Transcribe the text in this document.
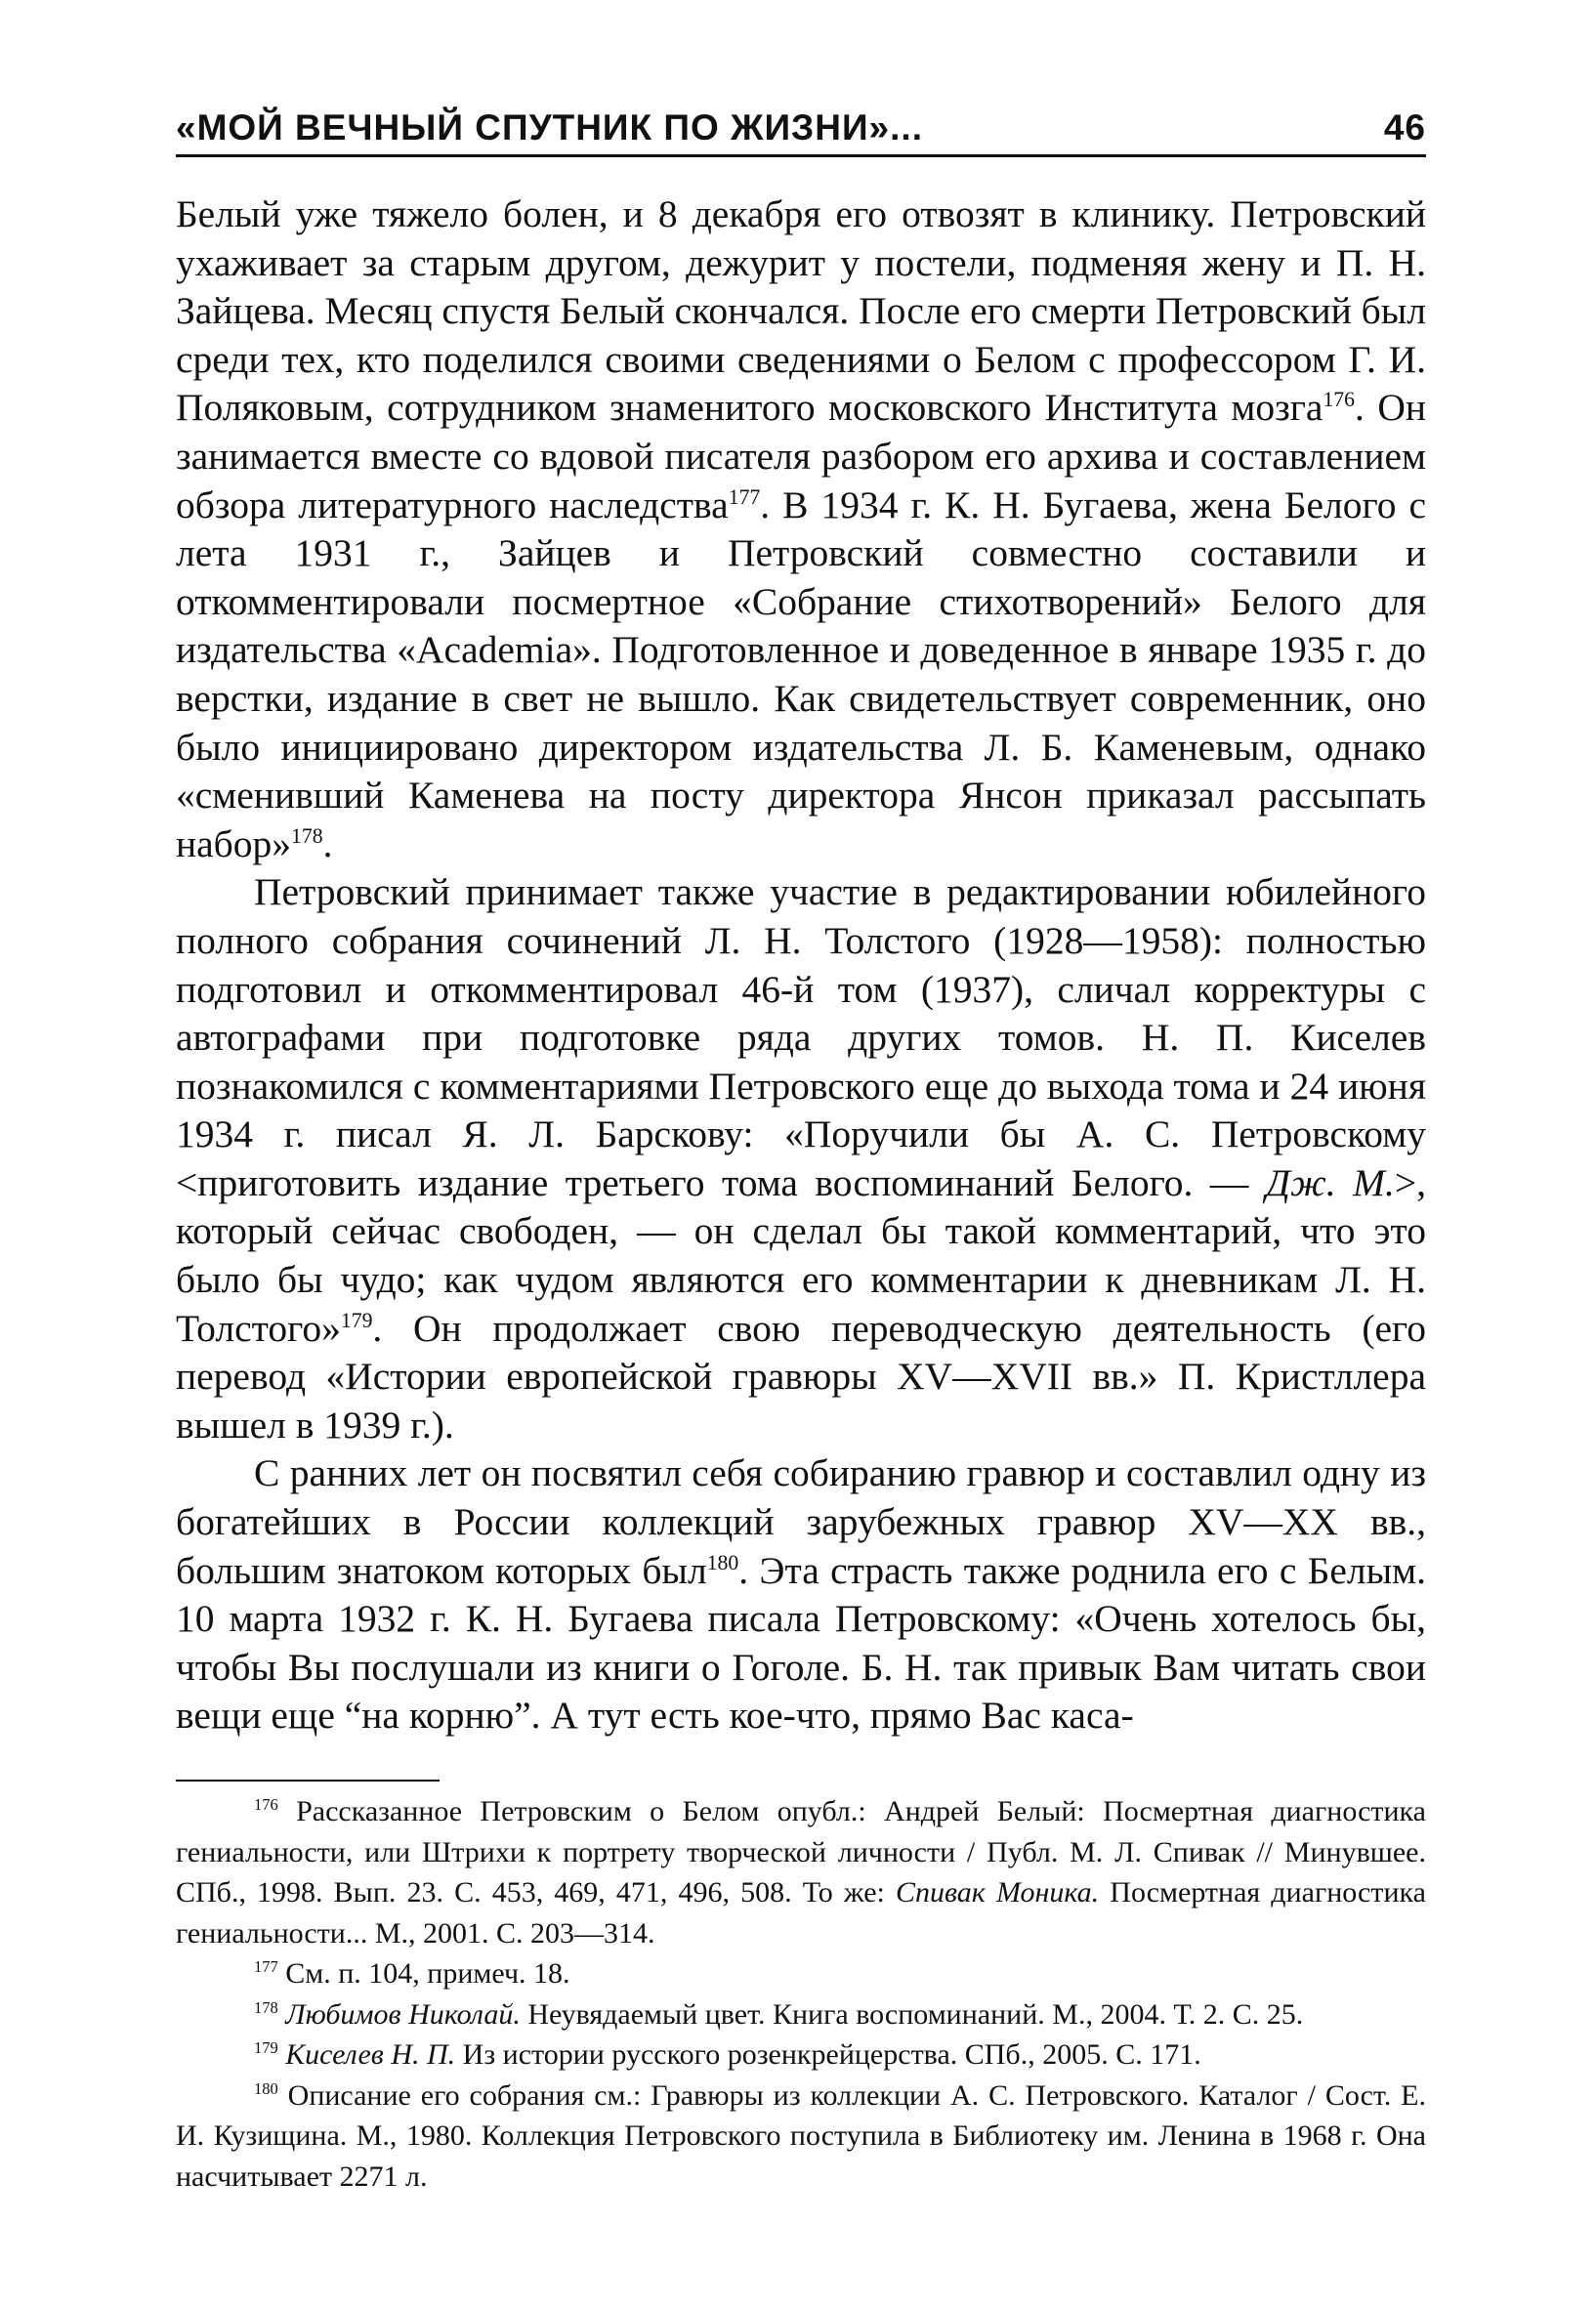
«МОЙ ВЕЧНЫЙ СПУТНИК ПО ЖИЗНИ»...	46

Белый уже тяжело болен, и 8 декабря его отвозят в клинику. Петровский ухаживает за старым другом, дежурит у постели, подменяя жену и П. Н. Зайцева. Месяц спустя Белый скончался. После его смерти Петровский был среди тех, кто поделился своими сведениями о Белом с профессором Г. И. Поляковым, сотрудником знаменитого московского Института мозга$^{176}$. Он занимается вместе со вдовой писателя разбором его архива и составлением обзора литературного наследства$^{177}$. В 1934 г. К. Н. Бугаева, жена Белого с лета 1931 г., Зайцев и Петровский совместно составили и откомментировали посмертное «Собрание стихотворений» Белого для издательства «Academia». Подготовленное и доведенное в январе 1935 г. до верстки, издание в свет не вышло. Как свидетельствует современник, оно было инициировано директором издательства Л. Б. Каменевым, однако «сменивший Каменева на посту директора Янсон приказал рассыпать набор»$^{178}$.

Петровский принимает также участие в редактировании юбилейного полного собрания сочинений Л. Н. Толстого (1928—1958): полностью подготовил и откомментировал 46-й том (1937), сличал корректуры с автографами при подготовке ряда других томов. Н. П. Киселев познакомился с комментариями Петровского еще до выхода тома и 24 июня 1934 г. писал Я. Л. Барскову: «Поручили бы А. С. Петровскому <приготовить издание третьего тома воспоминаний Белого. — Дж. М.>, который сейчас свободен, — он сделал бы такой комментарий, что это было бы чудо; как чудом являются его комментарии к дневникам Л. Н. Толстого»$^{179}$. Он продолжает свою переводческую деятельность (его перевод «Истории европейской гравюры XV—XVII вв.» П. Кристллера вышел в 1939 г.).

С ранних лет он посвятил себя собиранию гравюр и составлил одну из богатейших в России коллекций зарубежных гравюр XV—XX вв., большим знатоком которых был$^{180}$. Эта страсть также роднила его с Белым. 10 марта 1932 г. К. Н. Бугаева писала Петровскому: «Очень хотелось бы, чтобы Вы послушали из книги о Гоголе. Б. Н. так привык Вам читать свои вещи еще “на корню”. А тут есть кое-что, прямо Вас каса-

$^{176}$ Рассказанное Петровским о Белом опубл.: Андрей Белый: Посмертная диагностика гениальности, или Штрихи к портрету творческой личности / Публ. М. Л. Спивак // Минувшее. СПб., 1998. Вып. 23. С. 453, 469, 471, 496, 508. То же: Спивак Моника. Посмертная диагностика гениальности... М., 2001. С. 203—314.

$^{177}$ См. п. 104, примеч. 18.

$^{178}$ Любимов Николай. Неувядаемый цвет. Книга воспоминаний. М., 2004. Т. 2. С. 25.

$^{179}$ Киселев Н. П. Из истории русского розенкрейцерства. СПб., 2005. С. 171.

$^{180}$ Описание его собрания см.: Гравюры из коллекции А. С. Петровского. Каталог / Сост. Е. И. Кузищина. М., 1980. Коллекция Петровского поступила в Библиотеку им. Ленина в 1968 г. Она насчитывает 2271 л.
